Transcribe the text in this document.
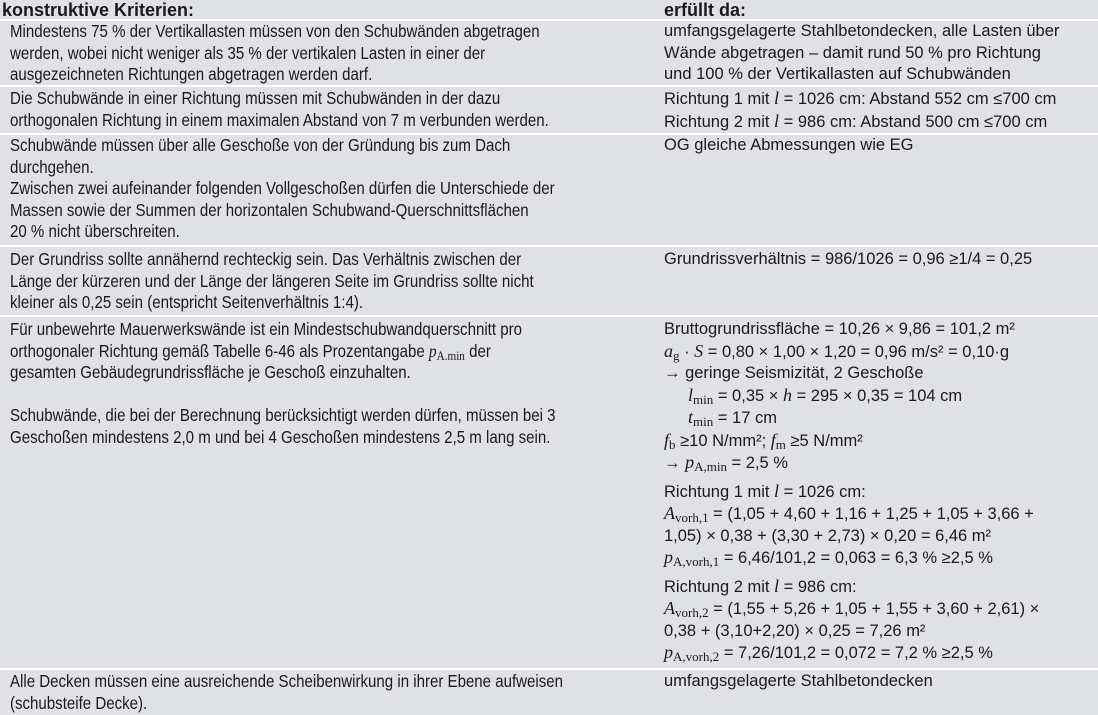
konstruktive Kriterien:	erfüllt da:
Mindestens 75 % der Vertikallasten müssen von den Schubwänden abgetragen
werden, wobei nicht weniger als 35 % der vertikalen Lasten in einer der
ausgezeichneten Richtungen abgetragen werden darf.
umfangsgelagerte Stahlbetondecken, alle Lasten über
Wände abgetragen – damit rund 50 % pro Richtung
und 100 % der Vertikallasten auf Schubwänden
Die Schubwände in einer Richtung müssen mit Schubwänden in der dazu
orthogonalen Richtung in einem maximalen Abstand von 7 m verbunden werden.
Richtung 1 mit l = 1026 cm: Abstand 552 cm ≤700 cm
Richtung 2 mit l = 986 cm: Abstand 500 cm ≤700 cm
Schubwände müssen über alle Geschoße von der Gründung bis zum Dach
durchgehen.
Zwischen zwei aufeinander folgenden Vollgeschoßen dürfen die Unterschiede der
Massen sowie der Summen der horizontalen Schubwand-Querschnittsflächen
20 % nicht überschreiten.
OG gleiche Abmessungen wie EG
Der Grundriss sollte annähernd rechteckig sein. Das Verhältnis zwischen der
Länge der kürzeren und der Länge der längeren Seite im Grundriss sollte nicht
kleiner als 0,25 sein (entspricht Seitenverhältnis 1:4).
Grundrissverhältnis = 986/1026 = 0,96 ≥1/4 = 0,25
Für unbewehrte Mauerwerkswände ist ein Mindestschubwandquerschnitt pro
orthogonaler Richtung gemäß Tabelle 6-46 als Prozentangabe $p_{A.min}$ der
gesamten Gebäudegrundrissfläche je Geschoß einzuhalten.
Schubwände, die bei der Berechnung berücksichtigt werden dürfen, müssen bei 3
Geschoßen mindestens 2,0 m und bei 4 Geschoßen mindestens 2,5 m lang sein.
Bruttogrundrissfläche = 10,26 × 9,86 = 101,2 m²
$a_g \cdot S = 0,80 \times 1,00 \times 1,20 = 0,96$ m/s² = 0,10·g
→ geringe Seismizität, 2 Geschoße
$l_{min} = 0,35 \times h = 295 \times 0,35 = 104$ cm
$t_{min} = 17$ cm
$f_b \ge 10$ N/mm²; $f_m \ge 5$ N/mm²
→ $p_{A,min} = 2,5$ %
Richtung 1 mit l = 1026 cm:
$A_{vorh,1} = (1,05 + 4,60 + 1,16 + 1,25 + 1,05 + 3,66$ +
1,05) × 0,38 + (3,30 + 2,73) × 0,20 = 6,46 m²
$p_{A,vorh,1} = 6,46/101,2 = 0,063 = 6,3$ % ≥2,5 %
Richtung 2 mit l = 986 cm:
$A_{vorh,2} = (1,55 + 5,26 + 1,05 + 1,55 + 3,60 + 2,61)$ ×
0,38 + (3,10+2,20) × 0,25 = 7,26 m²
$p_{A,vorh,2} = 7,26/101,2 = 0,072 = 7,2$ % ≥2,5 %
Alle Decken müssen eine ausreichende Scheibenwirkung in ihrer Ebene aufweisen
(schubsteife Decke).
umfangsgelagerte Stahlbetondecken
